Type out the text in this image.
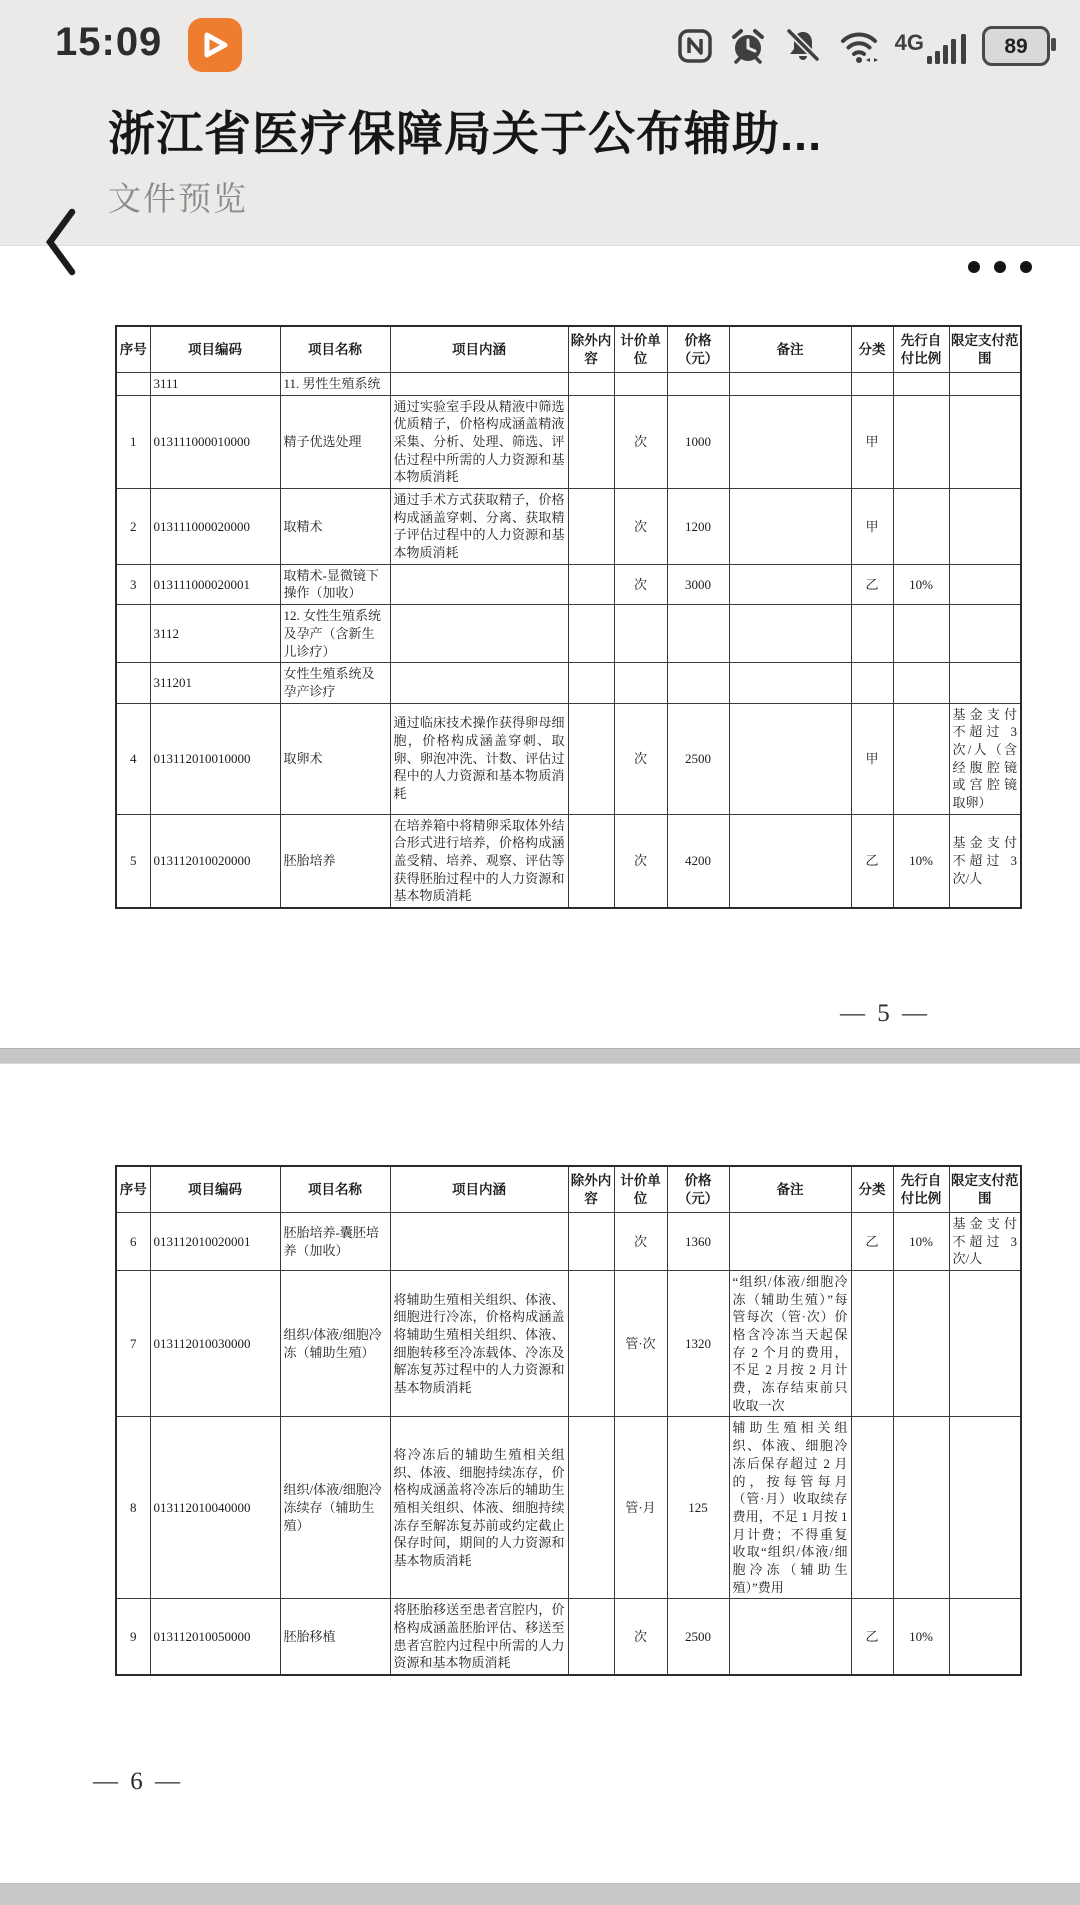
15:09	4G	89
浙江省医疗保障局关于公布辅助...
文件预览
序号	项目编码	项目名称	项目内涵	除外内容	计价单位	价格（元）	备注	分类	先行自付比例	限定支付范围
	3111	11. 男性生殖系统								
1	013111000010000	精子优选处理	通过实验室手段从精液中筛选优质精子，价格构成涵盖精液采集、分析、处理、筛选、评估过程中所需的人力资源和基本物质消耗		次	1000		甲		
2	013111000020000	取精术	通过手术方式获取精子，价格构成涵盖穿刺、分离、获取精子评估过程中的人力资源和基本物质消耗		次	1200		甲		
3	013111000020001	取精术-显微镜下操作（加收）			次	3000		乙	10%	
	3112	12. 女性生殖系统及孕产（含新生儿诊疗）								
	311201	女性生殖系统及孕产诊疗								
4	013112010010000	取卵术	通过临床技术操作获得卵母细胞，价格构成涵盖穿刺、取卵、卵泡冲洗、计数、评估过程中的人力资源和基本物质消耗		次	2500		甲		基金支付不超过 3 次/人（含经腹腔镜或宫腔镜取卵）
5	013112010020000	胚胎培养	在培养箱中将精卵采取体外结合形式进行培养，价格构成涵盖受精、培养、观察、评估等获得胚胎过程中的人力资源和基本物质消耗		次	4200		乙	10%	基金支付不超过 3 次/人
— 5 —
序号	项目编码	项目名称	项目内涵	除外内容	计价单位	价格（元）	备注	分类	先行自付比例	限定支付范围
6	013112010020001	胚胎培养-囊胚培养（加收）			次	1360		乙	10%	基金支付不超过 3 次/人
7	013112010030000	组织/体液/细胞冷冻（辅助生殖）	将辅助生殖相关组织、体液、细胞进行冷冻，价格构成涵盖将辅助生殖相关组织、体液、细胞转移至冷冻载体、冷冻及解冻复苏过程中的人力资源和基本物质消耗		管·次	1320	“组织/体液/细胞冷冻（辅助生殖）”每管每次（管·次）价格含冷冻当天起保存 2 个月的费用，不足 2 月按 2 月计费，冻存结束前只收取一次			
8	013112010040000	组织/体液/细胞冷冻续存（辅助生殖）	将冷冻后的辅助生殖相关组织、体液、细胞持续冻存，价格构成涵盖将冷冻后的辅助生殖相关组织、体液、细胞持续冻存至解冻复苏前或约定截止保存时间，期间的人力资源和基本物质消耗		管·月	125	辅助生殖相关组织、体液、细胞冷冻后保存超过 2 月的，按每管每月（管·月）收取续存费用，不足 1 月按 1 月计费；不得重复收取“组织/体液/细胞冷冻（辅助生殖）”费用			
9	013112010050000	胚胎移植	将胚胎移送至患者宫腔内，价格构成涵盖胚胎评估、移送至患者宫腔内过程中所需的人力资源和基本物质消耗		次	2500		乙	10%	
— 6 —
